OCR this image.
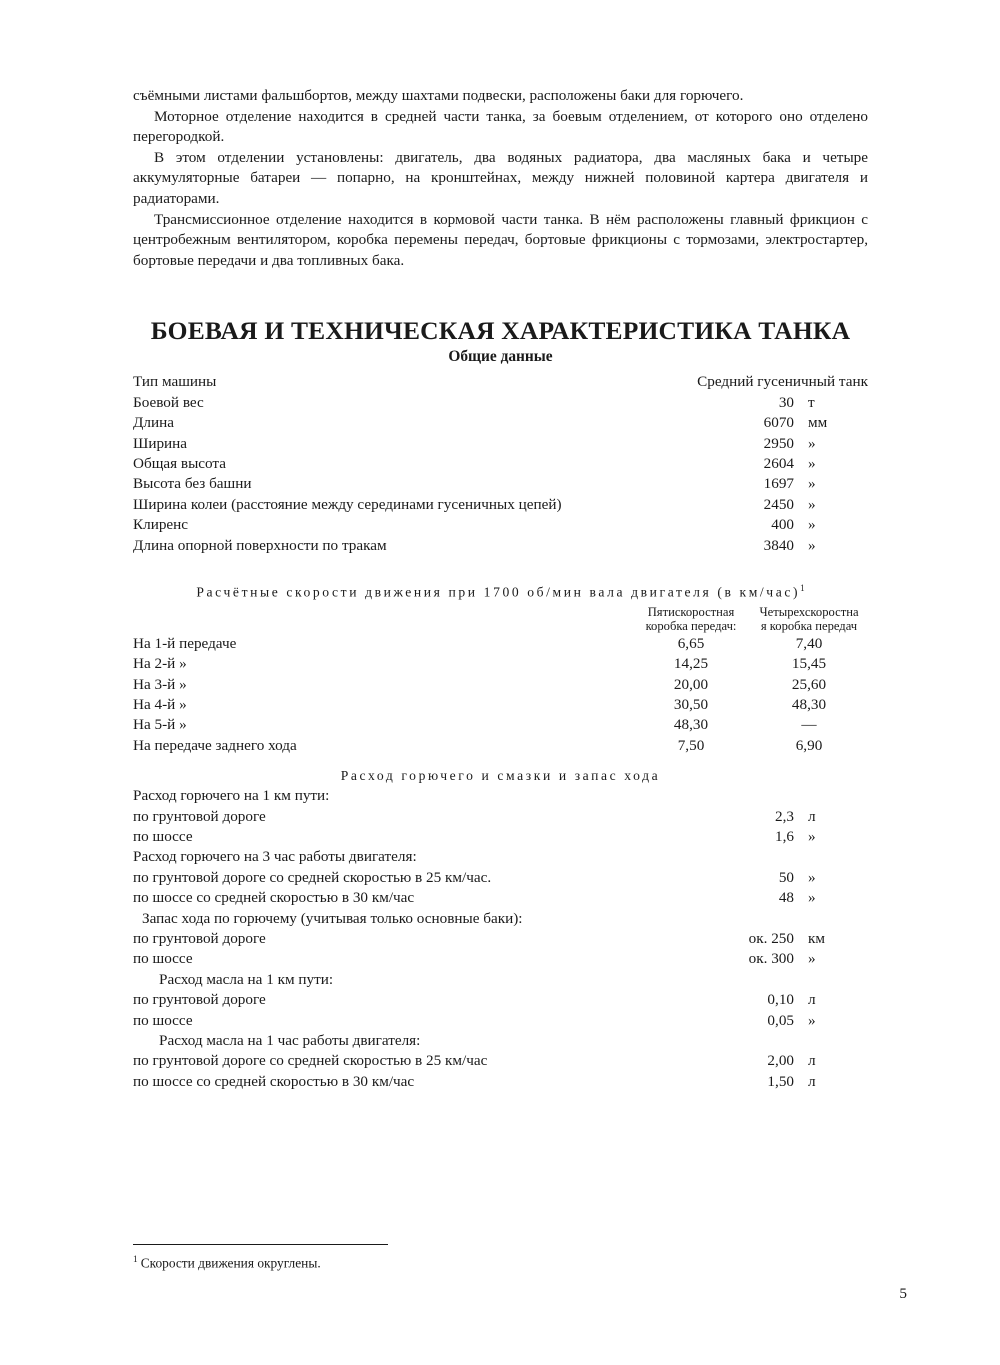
съёмными листами фальшбортов, между шахтами подвески, расположены баки для горючего.

Моторное отделение находится в средней части танка, за боевым отделением, от которого оно отделено перегородкой.

В этом отделении установлены: двигатель, два водяных радиатора, два масляных бака и четыре аккумуляторные батареи — попарно, на кронштейнах, между нижней половиной картера двигателя и радиаторами.

Трансмиссионное отделение находится в кормовой части танка. В нём расположены главный фрикцион с центробежным вентилятором, коробка перемены передач, бортовые фрикционы с тормозами, электростартер, бортовые передачи и два топливных бака.

БОЕВАЯ И ТЕХНИЧЕСКАЯ ХАРАКТЕРИСТИКА ТАНКА
Общие данные
Тип машины	Средний гусеничный танк
Боевой вес	30 т
Длина	6070 мм
Ширина	2950 »
Общая высота	2604 »
Высота без башни	1697 »
Ширина колеи (расстояние между серединами гусеничных цепей)	2450 »
Клиренс	400 »
Длина опорной поверхности по тракам	3840 »
Расчётные скорости движения при 1700 об/мин вала двигателя (в км/час)$^1$
Пятискоростная
коробка передач:
Четырехскоростна
я коробка передач
На 1-й передаче	6,65	7,40
На 2-й »	14,25	15,45
На 3-й »	20,00	25,60
На 4-й »	30,50	48,30
На 5-й »	48,30	—
На передаче заднего хода	7,50	6,90
Расход горючего и смазки и запас хода
Расход горючего на 1 км пути:
по грунтовой дороге	2,3 л
по шоссе	1,6 »
Расход горючего на 3 час работы двигателя:
по грунтовой дороге со средней скоростью в 25 км/час.	50 »
по шоссе со средней скоростью в 30 км/час	48 »
Запас хода по горючему (учитывая только основные баки):
по грунтовой дороге	ок. 250 км
по шоссе	ок. 300 »
Расход масла на 1 км пути:
по грунтовой дороге	0,10 л
по шоссе	0,05 »
Расход масла на 1 час работы двигателя:
по грунтовой дороге со средней скоростью в 25 км/час	2,00 л
по шоссе со средней скоростью в 30 км/час	1,50 л
$^1$ Скорости движения округлены.
5
